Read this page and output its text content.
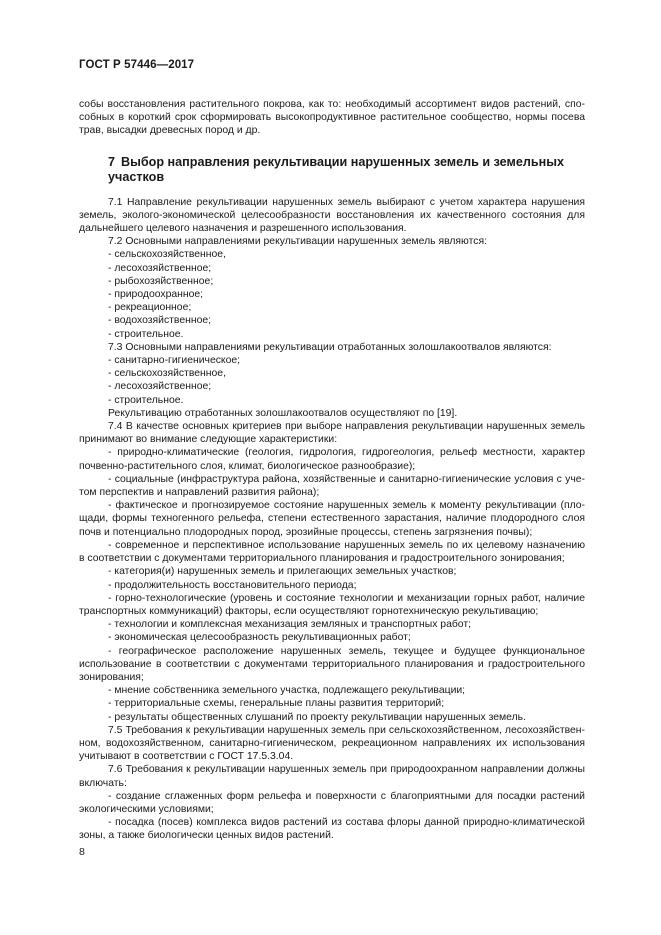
ГОСТ Р 57446—2017

собы восстановления растительного покрова, как то: необходимый ассортимент видов растений, способных в короткий срок сформировать высокопродуктивное растительное сообщество, нормы посева трав, высадки древесных пород и др.

7 Выбор направления рекультивации нарушенных земель и земельных участков

7.1 Направление рекультивации нарушенных земель выбирают с учетом характера нарушения земель, эколого-экономической целесообразности восстановления их качественного состояния для дальнейшего целевого назначения и разрешенного использования.

7.2 Основными направлениями рекультивации нарушенных земель являются:

- сельскохозяйственное,

- лесохозяйственное;

- рыбохозяйственное;

- природоохранное;

- рекреационное;

- водохозяйственное;

- строительное.

7.3 Основными направлениями рекультивации отработанных золошлакоотвалов являются:

- санитарно-гигиеническое;

- сельскохозяйственное,

- лесохозяйственное;

- строительное.

Рекультивацию отработанных золошлакоотвалов осуществляют по [19].

7.4 В качестве основных критериев при выборе направления рекультивации нарушенных земель принимают во внимание следующие характеристики:

- природно-климатические (геология, гидрология, гидрогеология, рельеф местности, характер почвенно-растительного слоя, климат, биологическое разнообразие);

- социальные (инфраструктура района, хозяйственные и санитарно-гигиенические условия с учетом перспектив и направлений развития района);

- фактическое и прогнозируемое состояние нарушенных земель к моменту рекультивации (площади, формы техногенного рельефа, степени естественного зарастания, наличие плодородного слоя почв и потенциально плодородных пород, эрозийные процессы, степень загрязнения почвы);

- современное и перспективное использование нарушенных земель по их целевому назначению в соответствии с документами территориального планирования и градостроительного зонирования;

- категория(и) нарушенных земель и прилегающих земельных участков;

- продолжительность восстановительного периода;

- горно-технологические (уровень и состояние технологии и механизации горных работ, наличие транспортных коммуникаций) факторы, если осуществляют горнотехническую рекультивацию;

- технологии и комплексная механизация земляных и транспортных работ;

- экономическая целесообразность рекультивационных работ;

- географическое расположение нарушенных земель, текущее и будущее функциональное использование в соответствии с документами территориального планирования и градостроительного зонирования;

- мнение собственника земельного участка, подлежащего рекультивации;

- территориальные схемы, генеральные планы развития территорий;

- результаты общественных слушаний по проекту рекультивации нарушенных земель.

7.5 Требования к рекультивации нарушенных земель при сельскохозяйственном, лесохозяйственном, водохозяйственном, санитарно-гигиеническом, рекреационном направлениях их использования учитывают в соответствии с ГОСТ 17.5.3.04.

7.6 Требования к рекультивации нарушенных земель при природоохранном направлении должны включать:

- создание сглаженных форм рельефа и поверхности с благоприятными для посадки растений экологическими условиями;

- посадка (посев) комплекса видов растений из состава флоры данной природно-климатической зоны, а также биологически ценных видов растений.

8
